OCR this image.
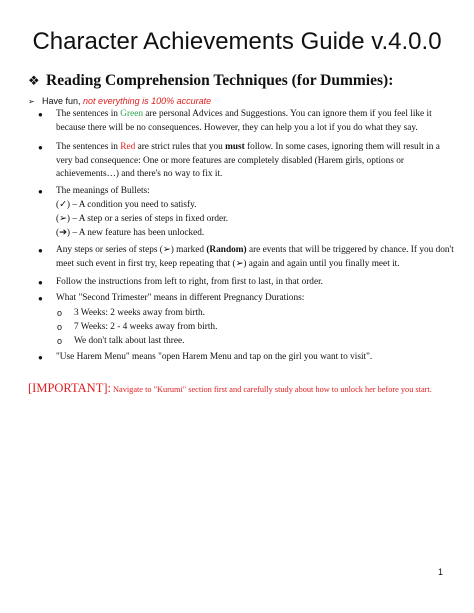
Character Achievements Guide v.4.0.0
❖ Reading Comprehension Techniques (for Dummies):
➢ Have fun, not everything is 100% accurate
● The sentences in Green are personal Advices and Suggestions. You can ignore them if you feel like it
because there will be no consequences. However, they can help you a lot if you do what they say.
● The sentences in Red are strict rules that you must follow. In some cases, ignoring them will result in a
very bad consequence: One or more features are completely disabled (Harem girls, options or
achievements…) and there's no way to fix it.
● The meanings of Bullets:
(✓) – A condition you need to satisfy.
(➢) – A step or a series of steps in fixed order.
(➔) – A new feature has been unlocked.
● Any steps or series of steps (➢) marked (Random) are events that will be triggered by chance. If you don't
meet such event in first try, keep repeating that (➢) again and again until you finally meet it.
● Follow the instructions from left to right, from first to last, in that order.
● What "Second Trimester" means in different Pregnancy Durations:
o 3 Weeks: 2 weeks away from birth.
o 7 Weeks: 2 - 4 weeks away from birth.
o We don't talk about last three.
● "Use Harem Menu" means "open Harem Menu and tap on the girl you want to visit".
[IMPORTANT]: Navigate to "Kurumi" section first and carefully study about how to unlock her before you start.
1
